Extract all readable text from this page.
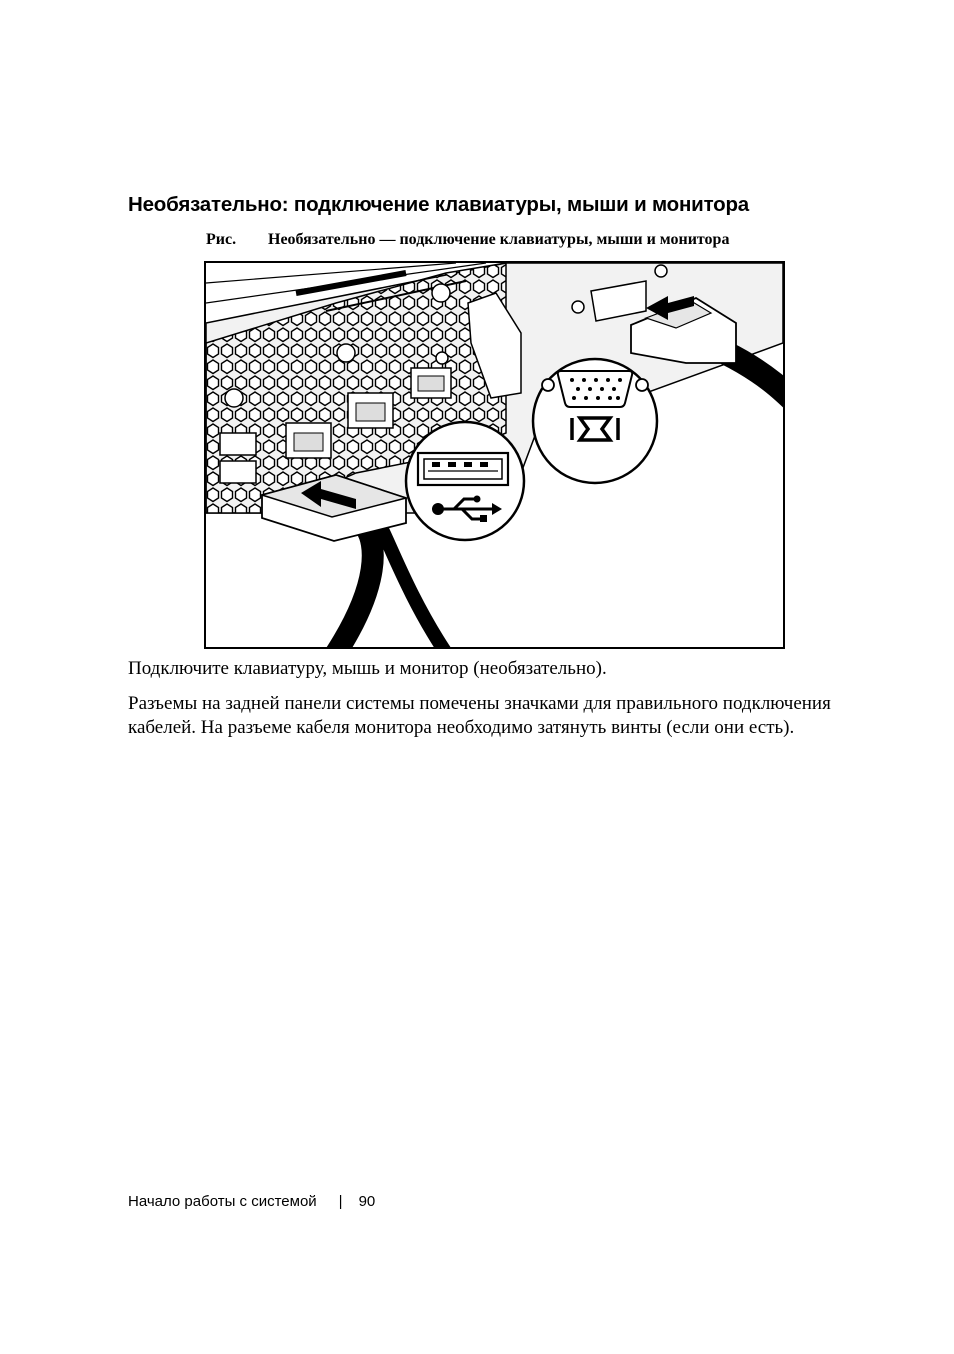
Необязательно: подключение клавиатуры, мыши и монитора
Рис. Необязательно — подключение клавиатуры, мыши и монитора

Подключите клавиатуру, мышь и монитор (необязательно).

Разъемы на задней панели системы помечены значками для правильного подключения кабелей. На разъеме кабеля монитора необходимо затянуть винты (если они есть).

Начало работы с системой | 90
